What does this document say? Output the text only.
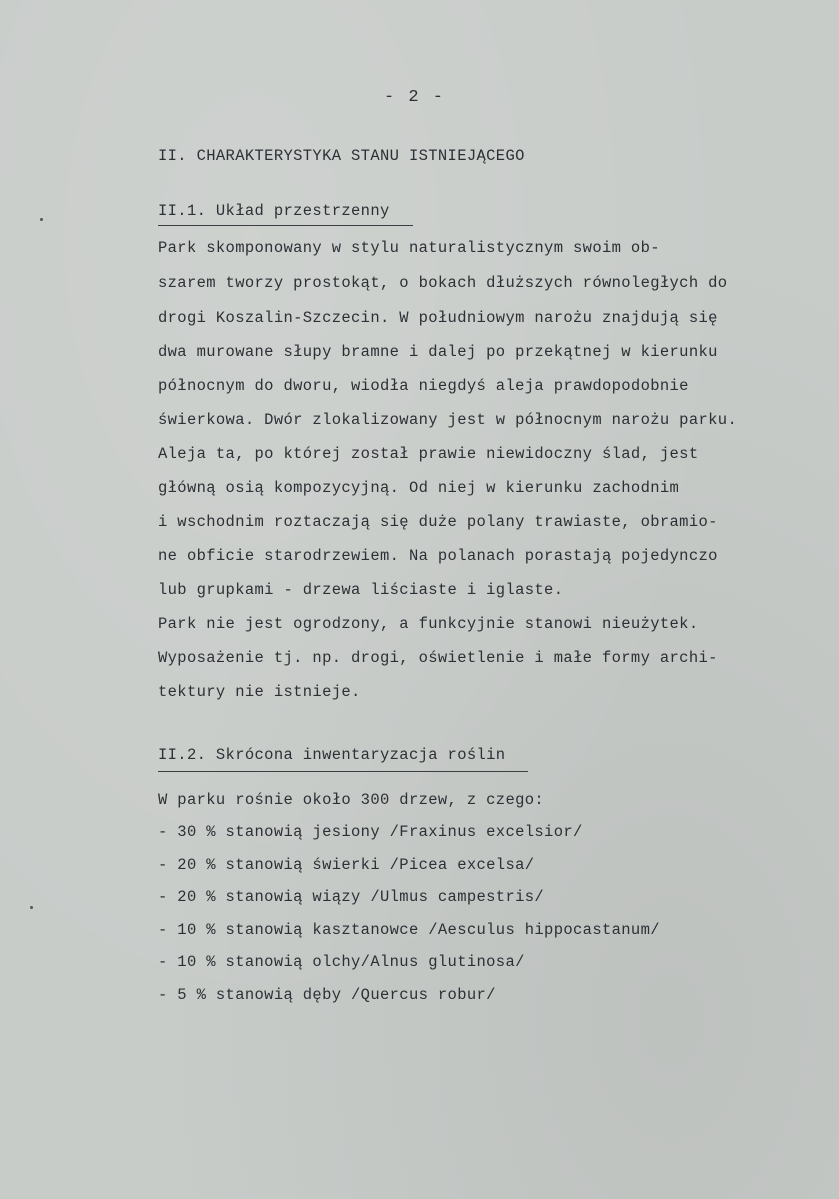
- 2 -
II. CHARAKTERYSTYKA STANU ISTNIEJĄCEGO
II.1. Układ przestrzenny
Park skomponowany w stylu naturalistycznym swoim ob-
szarem tworzy prostokąt, o bokach dłuższych równoległych do
drogi Koszalin-Szczecin. W południowym narożu znajdują się
dwa murowane słupy bramne i dalej po przekątnej w kierunku
północnym do dworu, wiodła niegdyś aleja prawdopodobnie
świerkowa. Dwór zlokalizowany jest w północnym narożu parku.
Aleja ta, po której został prawie niewidoczny ślad, jest
główną osią kompozycyjną. Od niej w kierunku zachodnim
i wschodnim roztaczają się duże polany trawiaste, obramio-
ne obficie starodrzewiem. Na polanach porastają pojedynczo
lub grupkami - drzewa liściaste i iglaste.
Park nie jest ogrodzony, a funkcyjnie stanowi nieużytek.
Wyposażenie tj. np. drogi, oświetlenie i małe formy archi-
tektury nie istnieje.
II.2. Skrócona inwentaryzacja roślin
W parku rośnie około 300 drzew, z czego:
- 30 % stanowią jesiony /Fraxinus excelsior/
- 20 % stanowią świerki /Picea excelsa/
- 20 % stanowią wiązy /Ulmus campestris/
- 10 % stanowią kasztanowce /Aesculus hippocastanum/
- 10 % stanowią olchy/Alnus glutinosa/
- 5 % stanowią dęby /Quercus robur/
